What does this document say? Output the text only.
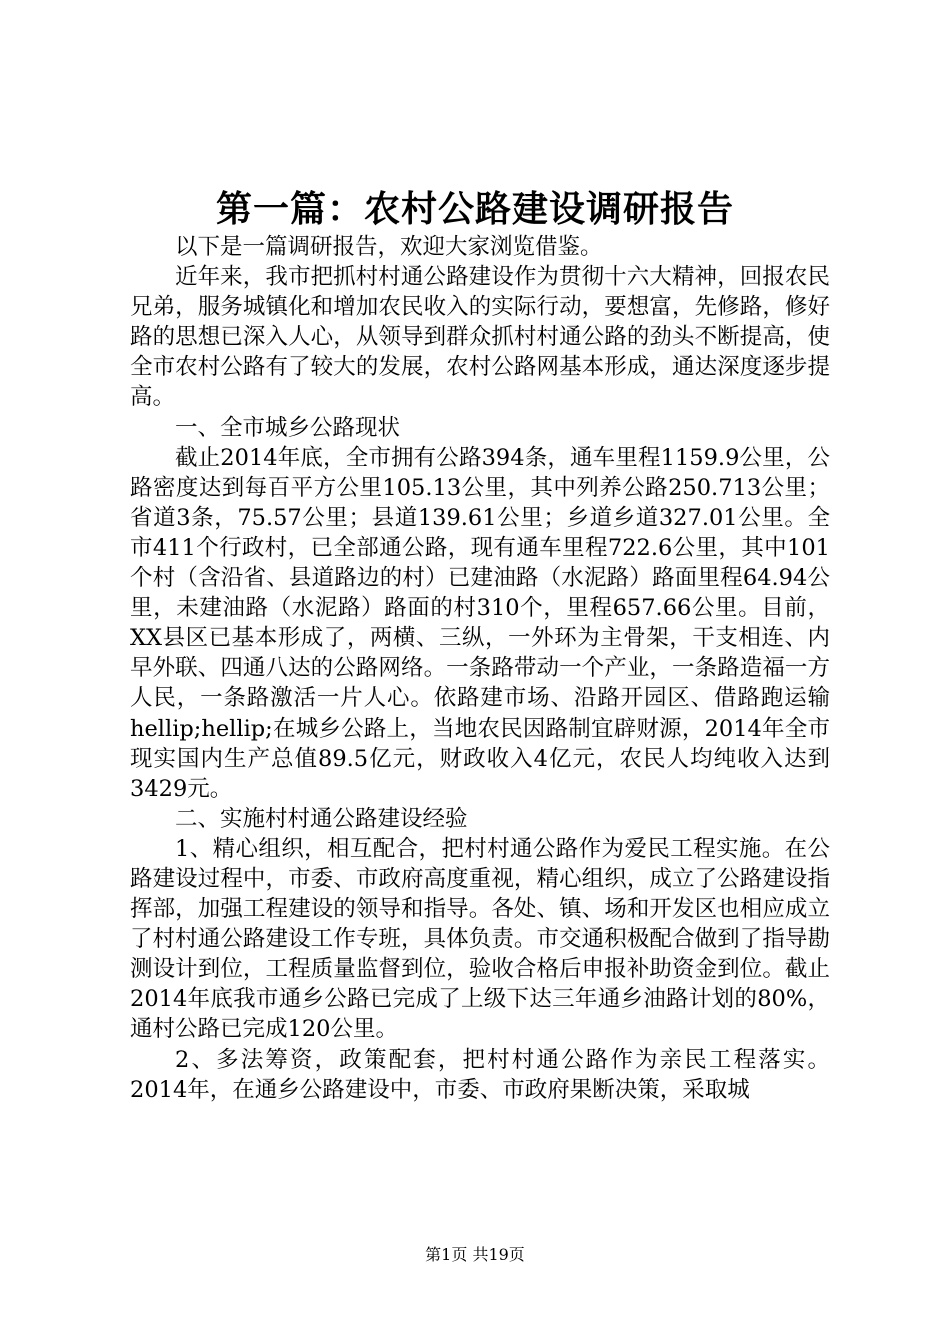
第一篇：农村公路建设调研报告

以下是一篇调研报告，欢迎大家浏览借鉴。

近年来，我市把抓村村通公路建设作为贯彻十六大精神，回报农民兄弟，服务城镇化和增加农民收入的实际行动，要想富，先修路，修好路的思想已深入人心，从领导到群众抓村村通公路的劲头不断提高，使全市农村公路有了较大的发展，农村公路网基本形成，通达深度逐步提高。

一、全市城乡公路现状

截止2014年底，全市拥有公路394条，通车里程1159.9公里，公路密度达到每百平方公里105.13公里，其中列养公路250.713公里；省道3条，75.57公里；县道139.61公里；乡道乡道327.01公里。全市411个行政村，已全部通公路，现有通车里程722.6公里，其中101个村（含沿省、县道路边的村）已建油路（水泥路）路面里程64.94公里，未建油路（水泥路）路面的村310个，里程657.66公里。目前，XX县区已基本形成了，两横、三纵，一外环为主骨架，干支相连、内早外联、四通八达的公路网络。一条路带动一个产业，一条路造福一方人民，一条路激活一片人心。依路建市场、沿路开园区、借路跑运输hellip;hellip;在城乡公路上，当地农民因路制宜辟财源，2014年全市现实国内生产总值89.5亿元，财政收入4亿元，农民人均纯收入达到3429元。

二、实施村村通公路建设经验

1、精心组织，相互配合，把村村通公路作为爱民工程实施。在公路建设过程中，市委、市政府高度重视，精心组织，成立了公路建设指挥部，加强工程建设的领导和指导。各处、镇、场和开发区也相应成立了村村通公路建设工作专班，具体负责。市交通积极配合做到了指导勘测设计到位，工程质量监督到位，验收合格后申报补助资金到位。截止2014年底我市通乡公路已完成了上级下达三年通乡油路计划的80%，通村公路已完成120公里。

2、多法筹资，政策配套，把村村通公路作为亲民工程落实。2014年，在通乡公路建设中，市委、市政府果断决策，采取城

第1页 共19页
